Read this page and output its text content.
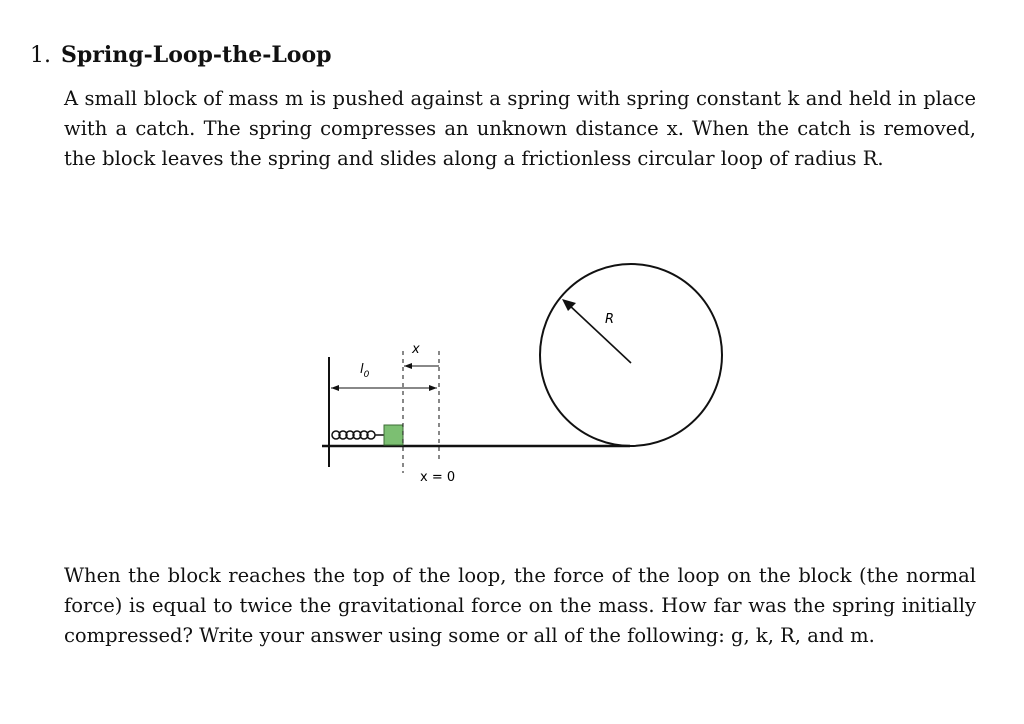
1. Spring-Loop-the-Loop

A small block of mass m is pushed against a spring with spring constant k and held in place with a catch. The spring compresses an unknown distance x. When the catch is removed, the block leaves the spring and slides along a frictionless circular loop of radius R.

R
$l_0$
x
x = 0

When the block reaches the top of the loop, the force of the loop on the block (the normal force) is equal to twice the gravitational force on the mass. How far was the spring initially compressed? Write your answer using some or all of the following: g, k, R, and m.
